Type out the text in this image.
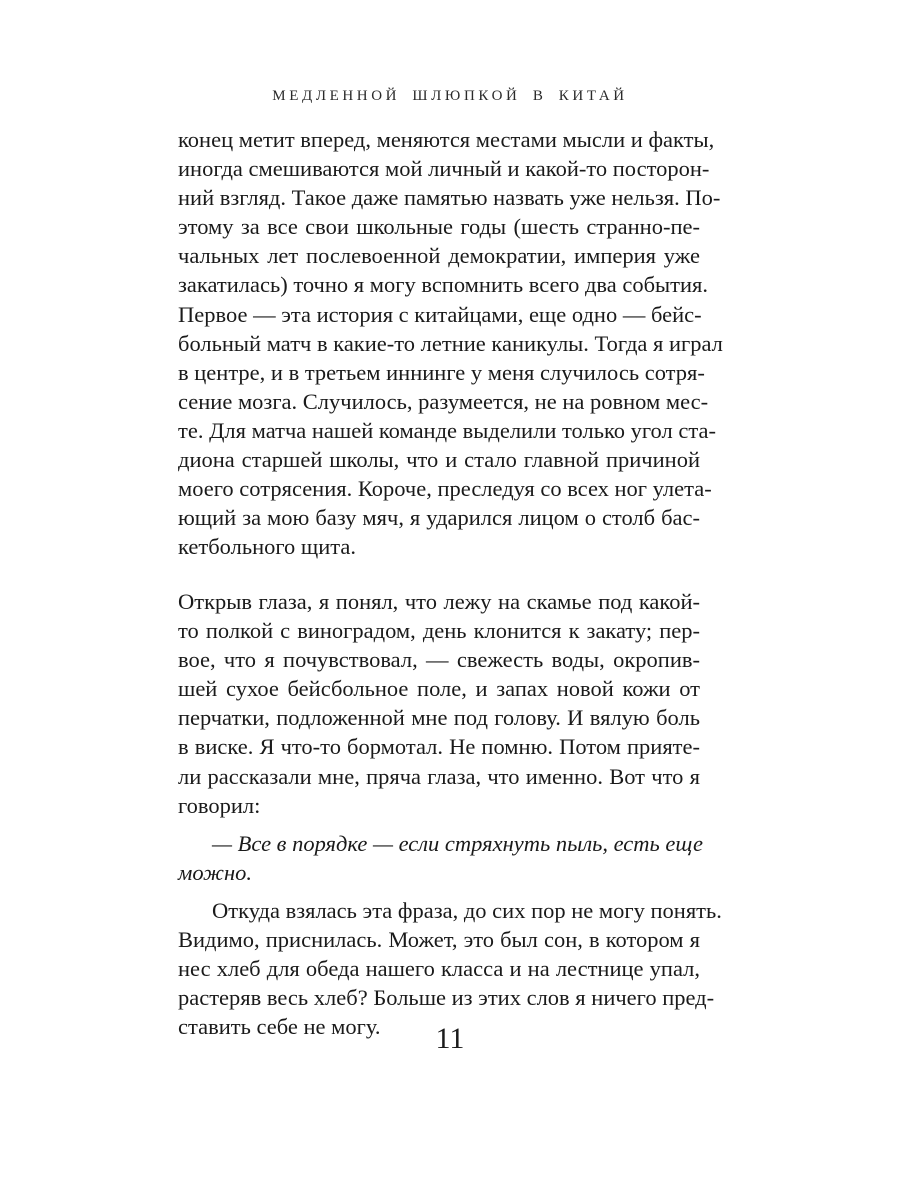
МЕДЛЕННОЙ ШЛЮПКОЙ В КИТАЙ
конец метит вперед, меняются местами мысли и факты,
иногда смешиваются мой личный и какой-то посторон-
ний взгляд. Такое даже памятью назвать уже нельзя. По-
этому за все свои школьные годы (шесть странно-пе-
чальных лет послевоенной демократии, империя уже
закатилась) точно я могу вспомнить всего два события.
Первое — эта история с китайцами, еще одно — бейс-
больный матч в какие-то летние каникулы. Тогда я играл
в центре, и в третьем иннинге у меня случилось сотря-
сение мозга. Случилось, разумеется, не на ровном мес-
те. Для матча нашей команде выделили только угол ста-
диона старшей школы, что и стало главной причиной
моего сотрясения. Короче, преследуя со всех ног улета-
ющий за мою базу мяч, я ударился лицом о столб бас-
кетбольного щита.
Открыв глаза, я понял, что лежу на скамье под какой-
то полкой с виноградом, день клонится к закату; пер-
вое, что я почувствовал, — свежесть воды, окропив-
шей сухое бейсбольное поле, и запах новой кожи от
перчатки, подложенной мне под голову. И вялую боль
в виске. Я что-то бормотал. Не помню. Потом прияте-
ли рассказали мне, пряча глаза, что именно. Вот что я
говорил:
— Все в порядке — если стряхнуть пыль, есть еще
можно.
Откуда взялась эта фраза, до сих пор не могу понять.
Видимо, приснилась. Может, это был сон, в котором я
нес хлеб для обеда нашего класса и на лестнице упал,
растеряв весь хлеб? Больше из этих слов я ничего пред-
ставить себе не могу.	11
